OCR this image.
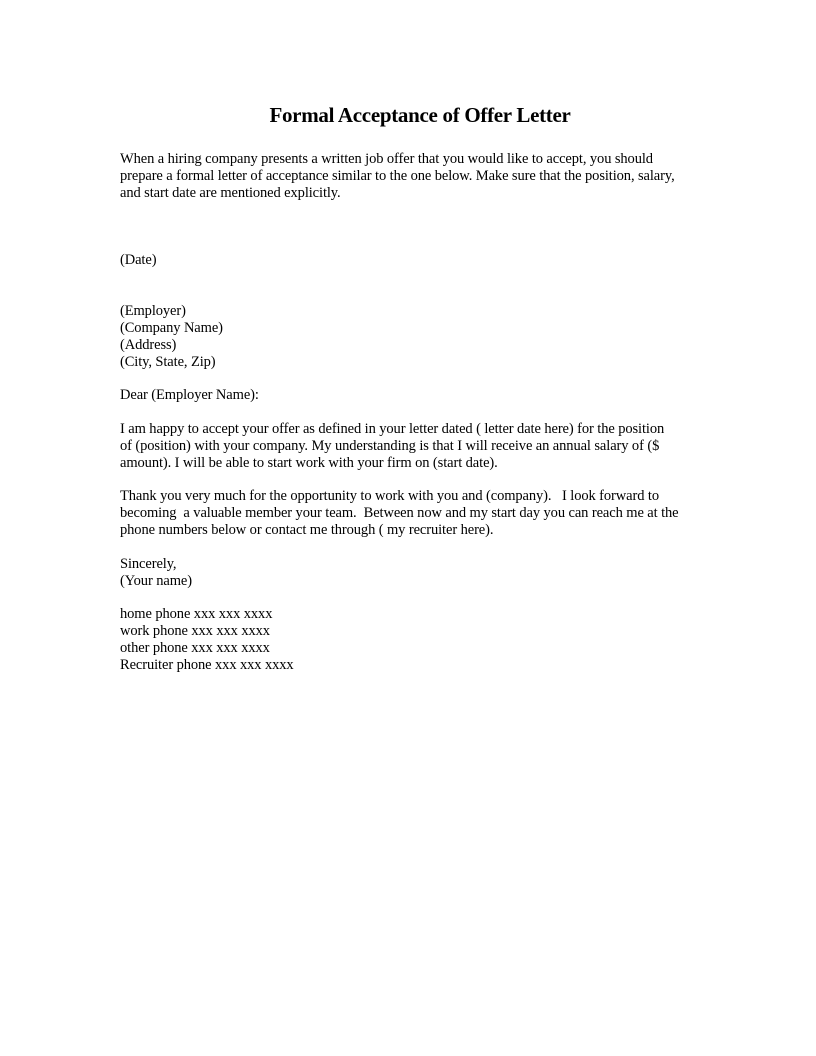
Formal Acceptance of Offer Letter
When a hiring company presents a written job offer that you would like to accept, you should
prepare a formal letter of acceptance similar to the one below. Make sure that the position, salary,
and start date are mentioned explicitly.
(Date)
(Employer)
(Company Name)
(Address)
(City, State, Zip)
Dear (Employer Name):
I am happy to accept your offer as defined in your letter dated ( letter date here) for the position
of (position) with your company. My understanding is that I will receive an annual salary of ($
amount). I will be able to start work with your firm on (start date).
Thank you very much for the opportunity to work with you and (company).   I look forward to
becoming  a valuable member your team.  Between now and my start day you can reach me at the
phone numbers below or contact me through ( my recruiter here).
Sincerely,
(Your name)
home phone xxx xxx xxxx
work phone xxx xxx xxxx
other phone xxx xxx xxxx
Recruiter phone xxx xxx xxxx
